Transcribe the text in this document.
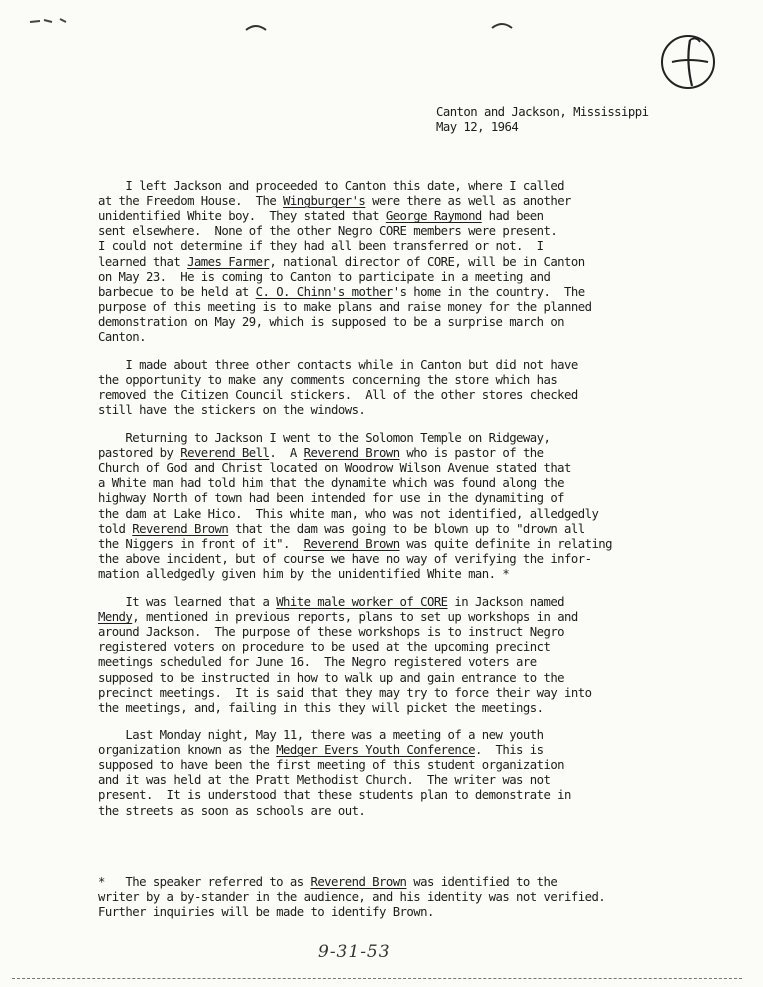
Canton and Jackson, Mississippi
May 12, 1964
I left Jackson and proceeded to Canton this date, where I called
at the Freedom House.  The Wingburger's were there as well as another
unidentified White boy.  They stated that George Raymond had been
sent elsewhere.  None of the other Negro CORE members were present.
I could not determine if they had all been transferred or not.  I
learned that James Farmer, national director of CORE, will be in Canton
on May 23.  He is coming to Canton to participate in a meeting and
barbecue to be held at C. O. Chinn's mother's home in the country.  The
purpose of this meeting is to make plans and raise money for the planned
demonstration on May 29, which is supposed to be a surprise march on
Canton.
I made about three other contacts while in Canton but did not have
the opportunity to make any comments concerning the store which has
removed the Citizen Council stickers.  All of the other stores checked
still have the stickers on the windows.
Returning to Jackson I went to the Solomon Temple on Ridgeway,
pastored by Reverend Bell.  A Reverend Brown who is pastor of the
Church of God and Christ located on Woodrow Wilson Avenue stated that
a White man had told him that the dynamite which was found along the
highway North of town had been intended for use in the dynamiting of
the dam at Lake Hico.  This white man, who was not identified, alledgedly
told Reverend Brown that the dam was going to be blown up to "drown all
the Niggers in front of it".  Reverend Brown was quite definite in relating
the above incident, but of course we have no way of verifying the infor-
mation alledgedly given him by the unidentified White man. *
It was learned that a White male worker of CORE in Jackson named
Mendy, mentioned in previous reports, plans to set up workshops in and
around Jackson.  The purpose of these workshops is to instruct Negro
registered voters on procedure to be used at the upcoming precinct
meetings scheduled for June 16.  The Negro registered voters are
supposed to be instructed in how to walk up and gain entrance to the
precinct meetings.  It is said that they may try to force their way into
the meetings, and, failing in this they will picket the meetings.
Last Monday night, May 11, there was a meeting of a new youth
organization known as the Medger Evers Youth Conference.  This is
supposed to have been the first meeting of this student organization
and it was held at the Pratt Methodist Church.  The writer was not
present.  It is understood that these students plan to demonstrate in
the streets as soon as schools are out.
*   The speaker referred to as Reverend Brown was identified to the
writer by a by-stander in the audience, and his identity was not verified.
Further inquiries will be made to identify Brown.
9-31-53
